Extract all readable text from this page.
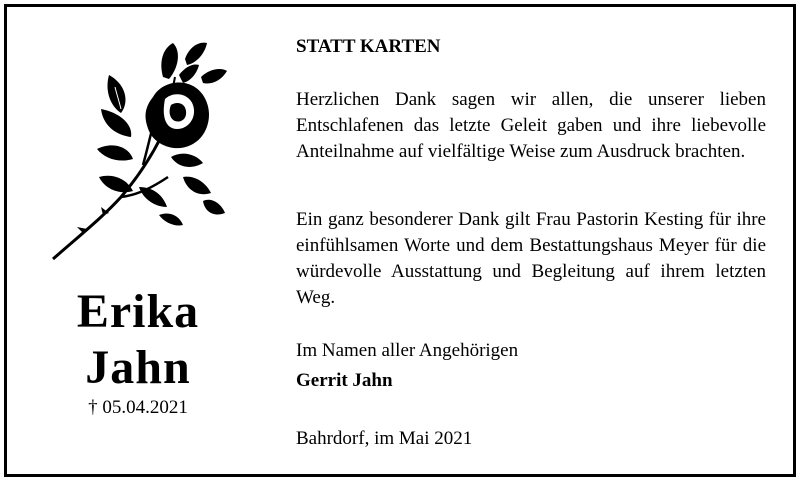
Erika
Jahn
† 05.04.2021

STATT KARTEN

Herzlichen Dank sagen wir allen, die unserer lieben Entschlafenen das letzte Geleit gaben und ihre liebevolle Anteilnahme auf vielfältige Weise zum Ausdruck brachten.

Ein ganz besonderer Dank gilt Frau Pastorin Kesting für ihre einfühlsamen Worte und dem Bestattungshaus Meyer für die würdevolle Ausstattung und Begleitung auf ihrem letzten Weg.

Im Namen aller Angehörigen
Gerrit Jahn
Bahrdorf, im Mai 2021
